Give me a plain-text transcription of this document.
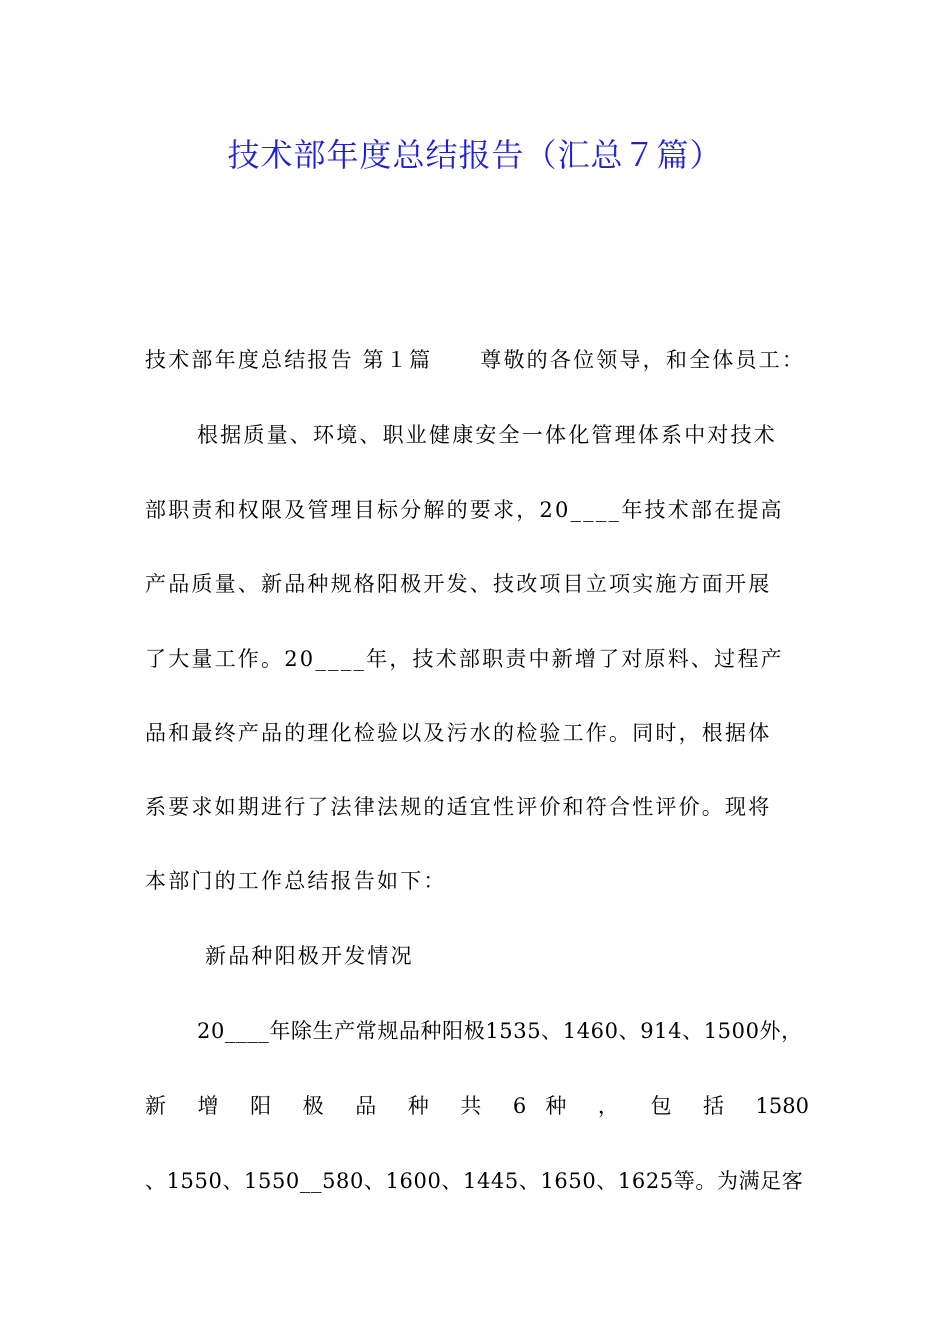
技术部年度总结报告（汇总７篇）
技术部年度总结报告 第１篇 尊敬的各位领导，和全体员工：
根据质量、环境、职业健康安全一体化管理体系中对技术
部职责和权限及管理目标分解的要求，20____年技术部在提高
产品质量、新品种规格阳极开发、技改项目立项实施方面开展
了大量工作。20____年，技术部职责中新增了对原料、过程产
品和最终产品的理化检验以及污水的检验工作。同时，根据体
系要求如期进行了法律法规的适宜性评价和符合性评价。现将
本部门的工作总结报告如下：
新品种阳极开发情况
20____年除生产常规品种阳极1535、1460、914、1500外，
新 增 阳 极 品 种 共 6 种 ， 包 括 1580
、1550、1550__580、1600、1445、1650、1625等。为满足客
